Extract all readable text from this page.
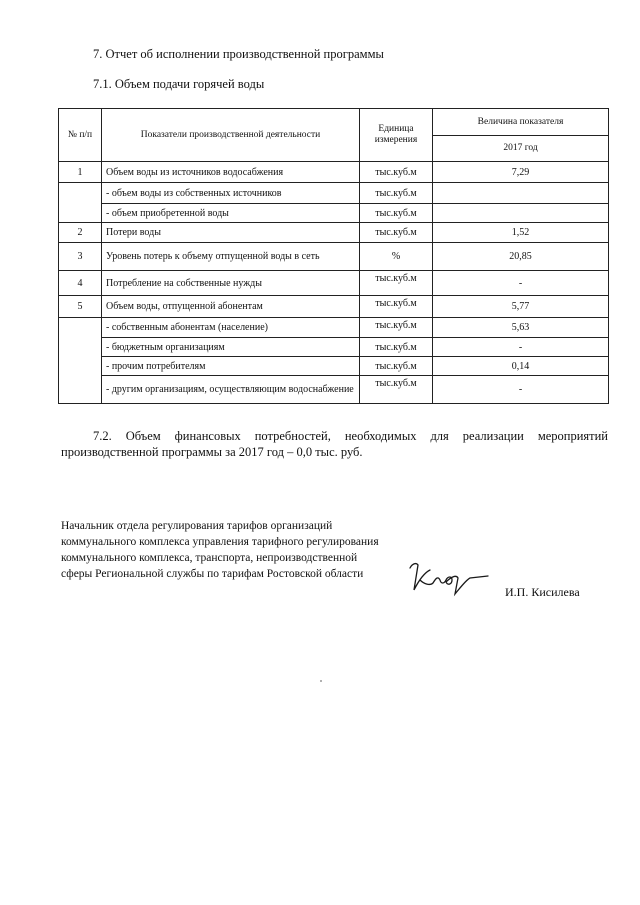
7. Отчет об исполнении производственной программы
7.1. Объем подачи горячей воды
№ п/п	Показатели производственной деятельности	Единица измерения	Величина показателя
			2017 год
1	Объем воды из источников водосабжения	тыс.куб.м	7,29
	- объем воды из собственных источников	тыс.куб.м	
	- объем приобретенной воды	тыс.куб.м	
2	Потери воды	тыс.куб.м	1,52
3	Уровень потерь к объему отпущенной воды в сеть	%	20,85
4	Потребление на собственные нужды	тыс.куб.м	-
5	Объем воды, отпущенной абонентам	тыс.куб.м	5,77
	- собственным абонентам (население)	тыс.куб.м	5,63
	- бюджетным организациям	тыс.куб.м	-
	- прочим потребителям	тыс.куб.м	0,14
	- другим организациям, осуществляющим водоснабжение	тыс.куб.м	-
7.2. Объем финансовых потребностей, необходимых для реализации мероприятий производственной программы за 2017 год – 0,0 тыс. руб.
Начальник отдела регулирования тарифов организаций коммунального комплекса управления тарифного регулирования коммунального комплекса, транспорта, непроизводственной сферы Региональной службы по тарифам Ростовской области
И.П. Кисилева
